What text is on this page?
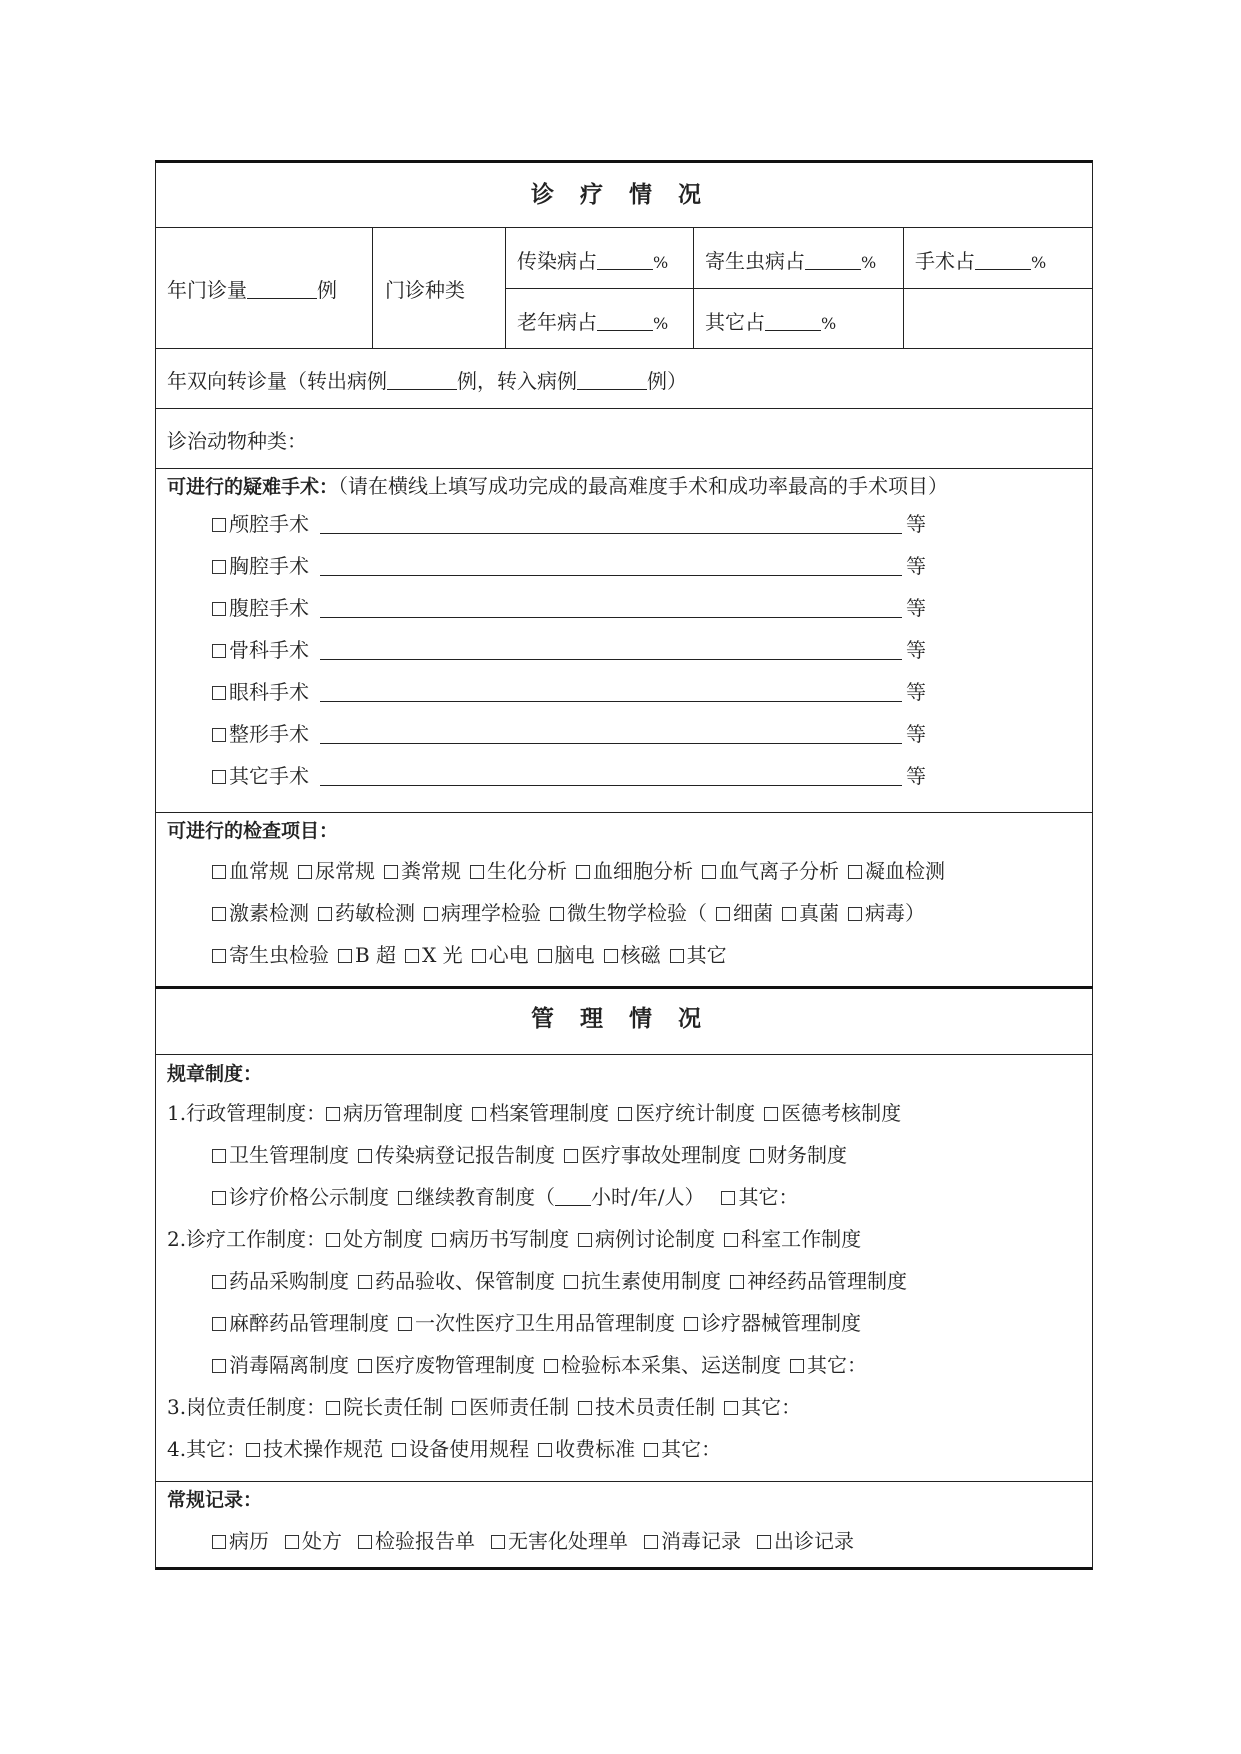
诊 疗 情 况
年门诊量	例 门诊种类
传染病占	% 寄生虫病占	% 手术占	%
老年病占	% 其它占	%
年双向转诊量（转出病例	例，转入病例	例）
诊治动物种类：
可进行的疑难手术：（请在横线上填写成功完成的最高难度手术和成功率最高的手术项目）
颅腔手术	等
胸腔手术	等
腹腔手术	等
骨科手术	等
眼科手术	等
整形手术	等
其它手术	等
可进行的检查项目：
血常规 尿常规 粪常规 生化分析 血细胞分析 血气离子分析 凝血检测
激素检测 药敏检测 病理学检验 微生物学检验（ 细菌 真菌 病毒）
寄生虫检验 B 超 X 光 心电 脑电 核磁 其它
管 理 情 况
规章制度：
1.行政管理制度： 病历管理制度 档案管理制度 医疗统计制度 医德考核制度
卫生管理制度 传染病登记报告制度 医疗事故处理制度 财务制度
诊疗价格公示制度 继续教育制度（ 小时/年/人） 其它：
2.诊疗工作制度： 处方制度 病历书写制度 病例讨论制度 科室工作制度
药品采购制度 药品验收、保管制度 抗生素使用制度 神经药品管理制度
麻醉药品管理制度 一次性医疗卫生用品管理制度 诊疗器械管理制度
消毒隔离制度 医疗废物管理制度 检验标本采集、运送制度 其它：
3.岗位责任制度： 院长责任制 医师责任制 技术员责任制 其它：
4.其它： 技术操作规范 设备使用规程 收费标准 其它：
常规记录：
病历 处方 检验报告单 无害化处理单 消毒记录 出诊记录
